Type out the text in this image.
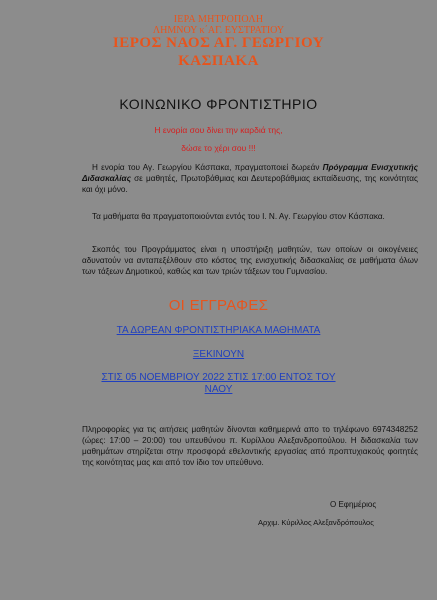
ΙΕΡΑ ΜΗΤΡΟΠΟΛΗ
ΛΗΜΝΟΥ κ΄ΑΓ. ΕΥΣΤΡΑΤΙΟΥ
ΙΕΡΟΣ ΝΑΟΣ ΑΓ. ΓΕΩΡΓΙΟΥ
ΚΑΣΠΑΚΑ
ΚΟΙΝΩΝΙΚΟ ΦΡΟΝΤΙΣΤΗΡΙΟ
Η ενορία σου δίνει την καρδιά της,
δώσε το χέρι σου !!!
Η ενορία του Αγ. Γεωργίου Κάσπακα, πραγματοποιεί δωρεάν Πρόγραμμα Ενισχυτικής Διδασκαλίας σε μαθητές, Πρωτοβάθμιας και Δευτεροβάθμιας εκπαίδευσης, της κοινότητας και όχι μόνο.
Τα μαθήματα θα πραγματοποιούνται εντός του Ι. Ν. Αγ. Γεωργίου στον Κάσπακα.
Σκοπός του Προγράμματος είναι η υποστήριξη μαθητών, των οποίων οι οικογένειες αδυνατούν να ανταπεξέλθουν στο κόστος της ενισχυτικής διδασκαλίας σε μαθήματα όλων των τάξεων Δημοτικού, καθώς και των τριών τάξεων του Γυμνασίου.
ΟΙ ΕΓΓΡΑΦΕΣ
ΤΑ ΔΩΡΕΑΝ ΦΡΟΝΤΙΣΤΗΡΙΑΚΑ ΜΑΘΗΜΑΤΑ
ΞΕΚΙΝΟΥΝ
ΣΤΙΣ 05 ΝΟΕΜΒΡΙΟΥ 2022 ΣΤΙΣ 17:00 ΕΝΤΟΣ ΤΟΥ
ΝΑΟΥ
Πληροφορίες για τις αιτήσεις μαθητών δίνονται καθημερινά απο το τηλέφωνο 6974348252 (ώρες: 17:00 – 20:00) του υπευθύνου π. Κυρίλλου Αλεξανδροπούλου. Η διδασκαλία των μαθημάτων στηρίζεται στην προσφορά εθελοντικής εργασίας από προπτυχιακούς φοιτητές της κοινότητας μας και από τον ίδιο τον υπεύθυνο.
Ο Εφημέριος
Αρχιμ. Κύριλλος Αλεξανδρόπουλος
